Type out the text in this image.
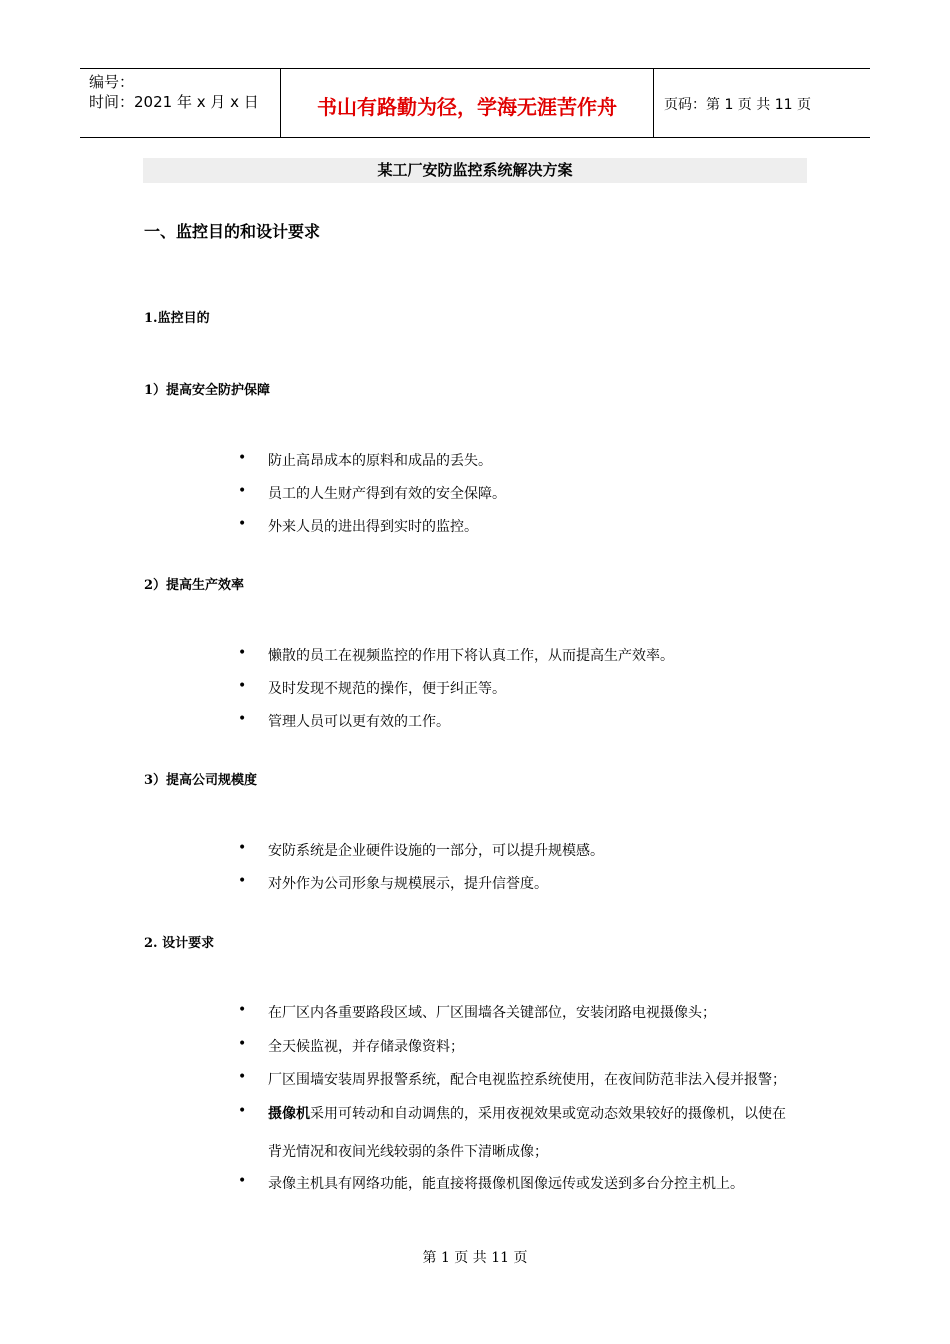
编号：
时间：2021 年 x 月 x 日	书山有路勤为径，学海无涯苦作舟	页码：第 1 页 共 11 页
某工厂安防监控系统解决方案
一、监控目的和设计要求
1.监控目的
1）提高安全防护保障
• 防止高昂成本的原料和成品的丢失。
• 员工的人生财产得到有效的安全保障。
• 外来人员的进出得到实时的监控。
2）提高生产效率
• 懒散的员工在视频监控的作用下将认真工作，从而提高生产效率。
• 及时发现不规范的操作，便于纠正等。
• 管理人员可以更有效的工作。
3）提高公司规模度
• 安防系统是企业硬件设施的一部分，可以提升规模感。
• 对外作为公司形象与规模展示，提升信誉度。
2. 设计要求
• 在厂区内各重要路段区域、厂区围墙各关键部位，安装闭路电视摄像头；
• 全天候监视，并存储录像资料；
• 厂区围墙安装周界报警系统，配合电视监控系统使用，在夜间防范非法入侵并报警；
• 摄像机采用可转动和自动调焦的，采用夜视效果或宽动态效果较好的摄像机，以使在
背光情况和夜间光线较弱的条件下清晰成像；
• 录像主机具有网络功能，能直接将摄像机图像远传或发送到多台分控主机上。
第 1 页 共 11 页
